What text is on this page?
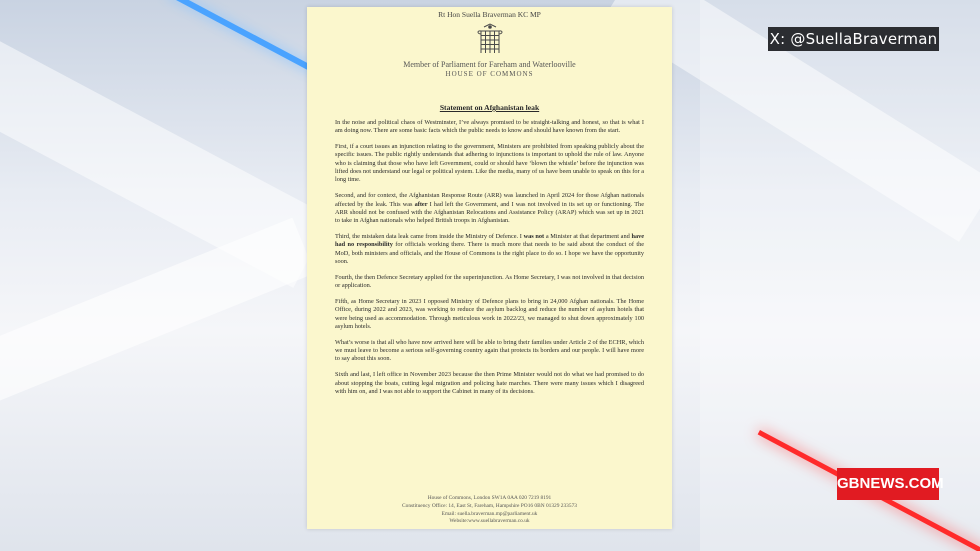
Rt Hon Suella Braverman KC MP
Member of Parliament for Fareham and Waterlooville
HOUSE OF COMMONS
Statement on Afghanistan leak

In the noise and political chaos of Westminster, I’ve always promised to be straight-talking and honest, so that is what I am doing now. There are some basic facts which the public needs to know and should have known from the start.

First, if a court issues an injunction relating to the government, Ministers are prohibited from speaking publicly about the specific issues. The public rightly understands that adhering to injunctions is important to uphold the rule of law. Anyone who is claiming that those who have left Government, could or should have ‘blown the whistle’ before the injunction was lifted does not understand our legal or political system. Like the media, many of us have been unable to speak on this for a long time.

Second, and for context, the Afghanistan Response Route (ARR) was launched in April 2024 for those Afghan nationals affected by the leak. This was after I had left the Government, and I was not involved in its set up or functioning. The ARR should not be confused with the Afghanistan Relocations and Assistance Policy (ARAP) which was set up in 2021 to take in Afghan nationals who helped British troops in Afghanistan.

Third, the mistaken data leak came from inside the Ministry of Defence. I was not a Minister at that department and have had no responsibility for officials working there. There is much more that needs to be said about the conduct of the MoD, both ministers and officials, and the House of Commons is the right place to do so. I hope we have the opportunity soon.

Fourth, the then Defence Secretary applied for the superinjunction. As Home Secretary, I was not involved in that decision or application.

Fifth, as Home Secretary in 2023 I opposed Ministry of Defence plans to bring in 24,000 Afghan nationals. The Home Office, during 2022 and 2023, was working to reduce the asylum backlog and reduce the number of asylum hotels that were being used as accommodation. Through meticulous work in 2022/23, we managed to shut down approximately 100 asylum hotels.

What’s worse is that all who have now arrived here will be able to bring their families under Article 2 of the ECHR, which we must leave to become a serious self-governing country again that protects its borders and our people. I will have more to say about this soon.

Sixth and last, I left office in November 2023 because the then Prime Minister would not do what we had promised to do about stopping the boats, cutting legal migration and policing hate marches. There were many issues which I disagreed with him on, and I was not able to support the Cabinet in many of its decisions.

House of Commons, London SW1A 0AA 020 7219 8191
Constituency Office: 14, East St, Fareham, Hampshire PO16 0BN 01329 233573
Email: suella.braverman.mp@parliament.uk
Website:www.suellabraverman.co.uk
X: @SuellaBraverman
GBNEWS.COM
